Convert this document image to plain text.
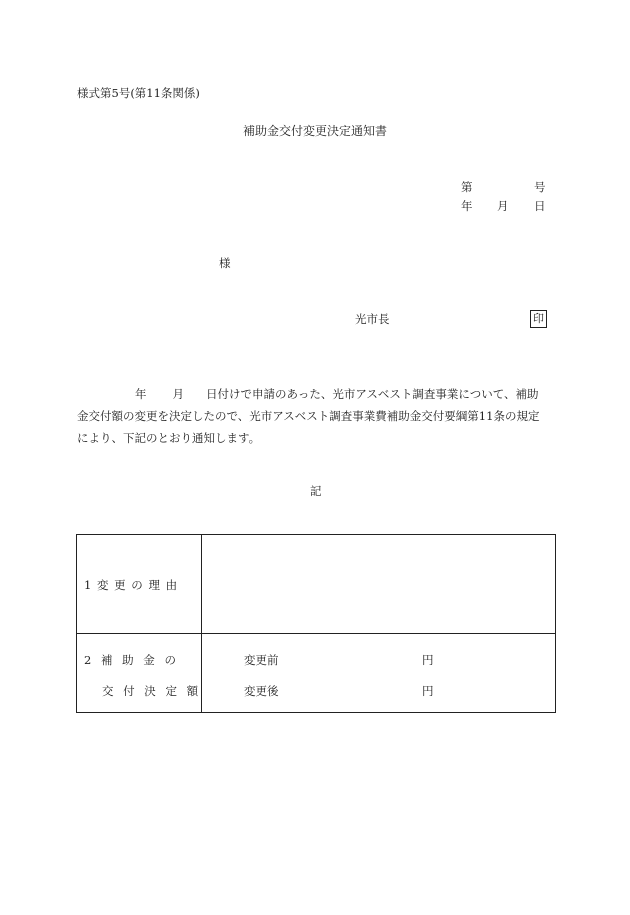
様式第5号(第11条関係)
補助金交付変更決定通知書
第	号
年 月 日
様
光市長	印
年 月 日付けで申請のあった、光市アスベスト調査事業について、補助
金交付額の変更を決定したので、光市アスベスト調査事業費補助金交付要綱第11条の規定
により、下記のとおり通知します。
記
1 変 更 の 理 由
2 補 助 金 の
交 付 決 定 額
変更前	円
変更後	円
